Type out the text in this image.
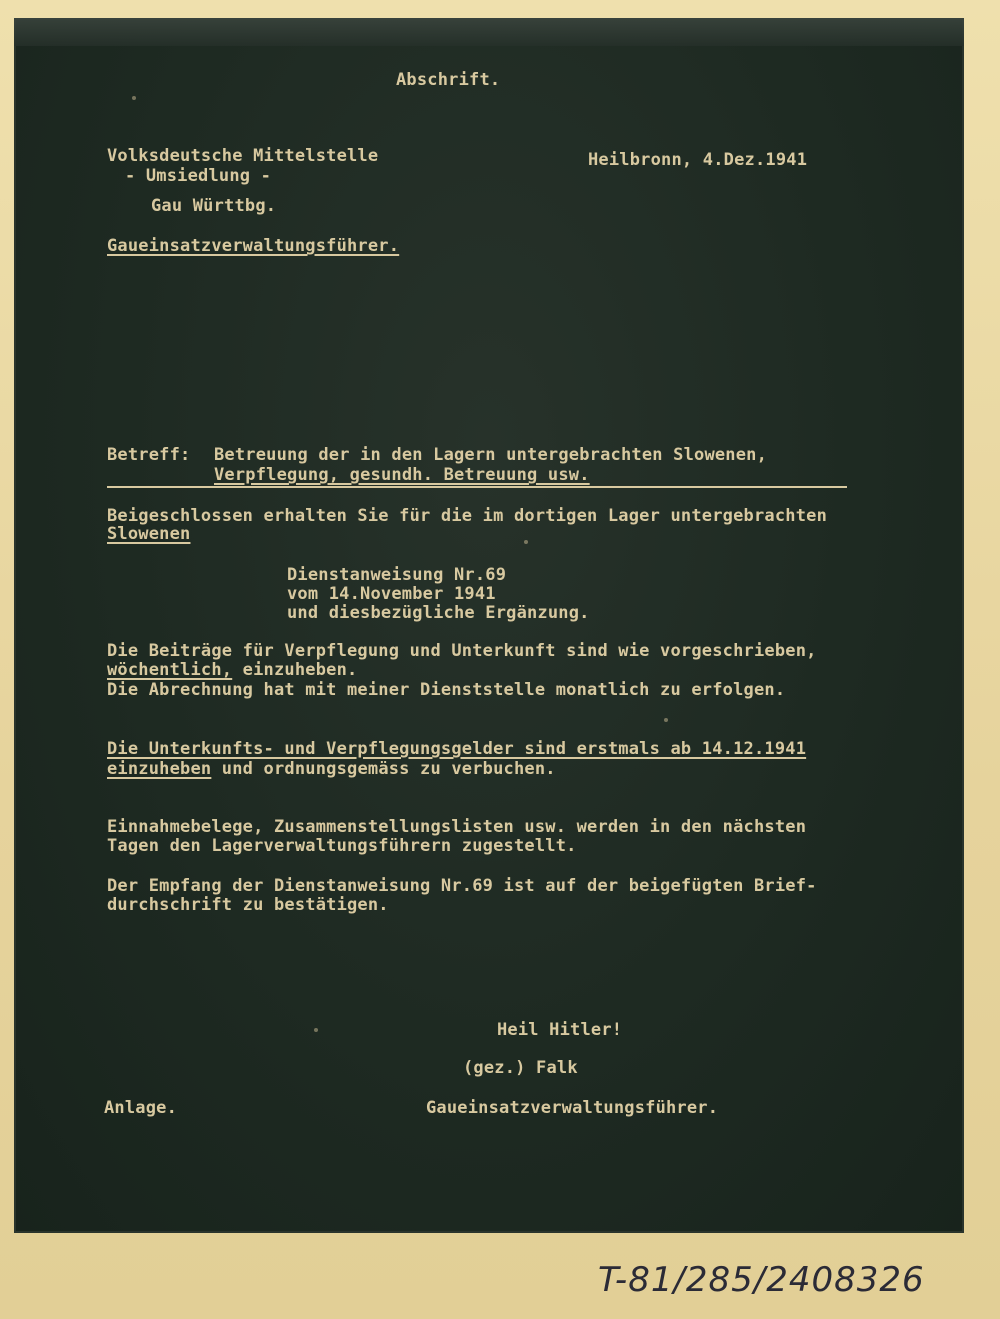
Abschrift.
Volksdeutsche Mittelstelle
- Umsiedlung -
Gau Württbg.
Gaueinsatzverwaltungsführer.
Heilbronn, 4.Dez.1941
Betreff: Betreuung der in den Lagern untergebrachten Slowenen,
Verpflegung, gesundh. Betreuung usw.
Beigeschlossen erhalten Sie für die im dortigen Lager untergebrachten
Slowenen
Dienstanweisung Nr.69
vom 14.November 1941
und diesbezügliche Ergänzung.
Die Beiträge für Verpflegung und Unterkunft sind wie vorgeschrieben,
wöchentlich, einzuheben.
Die Abrechnung hat mit meiner Dienststelle monatlich zu erfolgen.
Die Unterkunfts- und Verpflegungsgelder sind erstmals ab 14.12.1941
einzuheben und ordnungsgemäss zu verbuchen.
Einnahmebelege, Zusammenstellungslisten usw. werden in den nächsten
Tagen den Lagerverwaltungsführern zugestellt.
Der Empfang der Dienstanweisung Nr.69 ist auf der beigefügten Brief-
durchschrift zu bestätigen.
Heil Hitler!
(gez.) Falk
Gaueinsatzverwaltungsführer.
Anlage.
T-81/285/2408326
